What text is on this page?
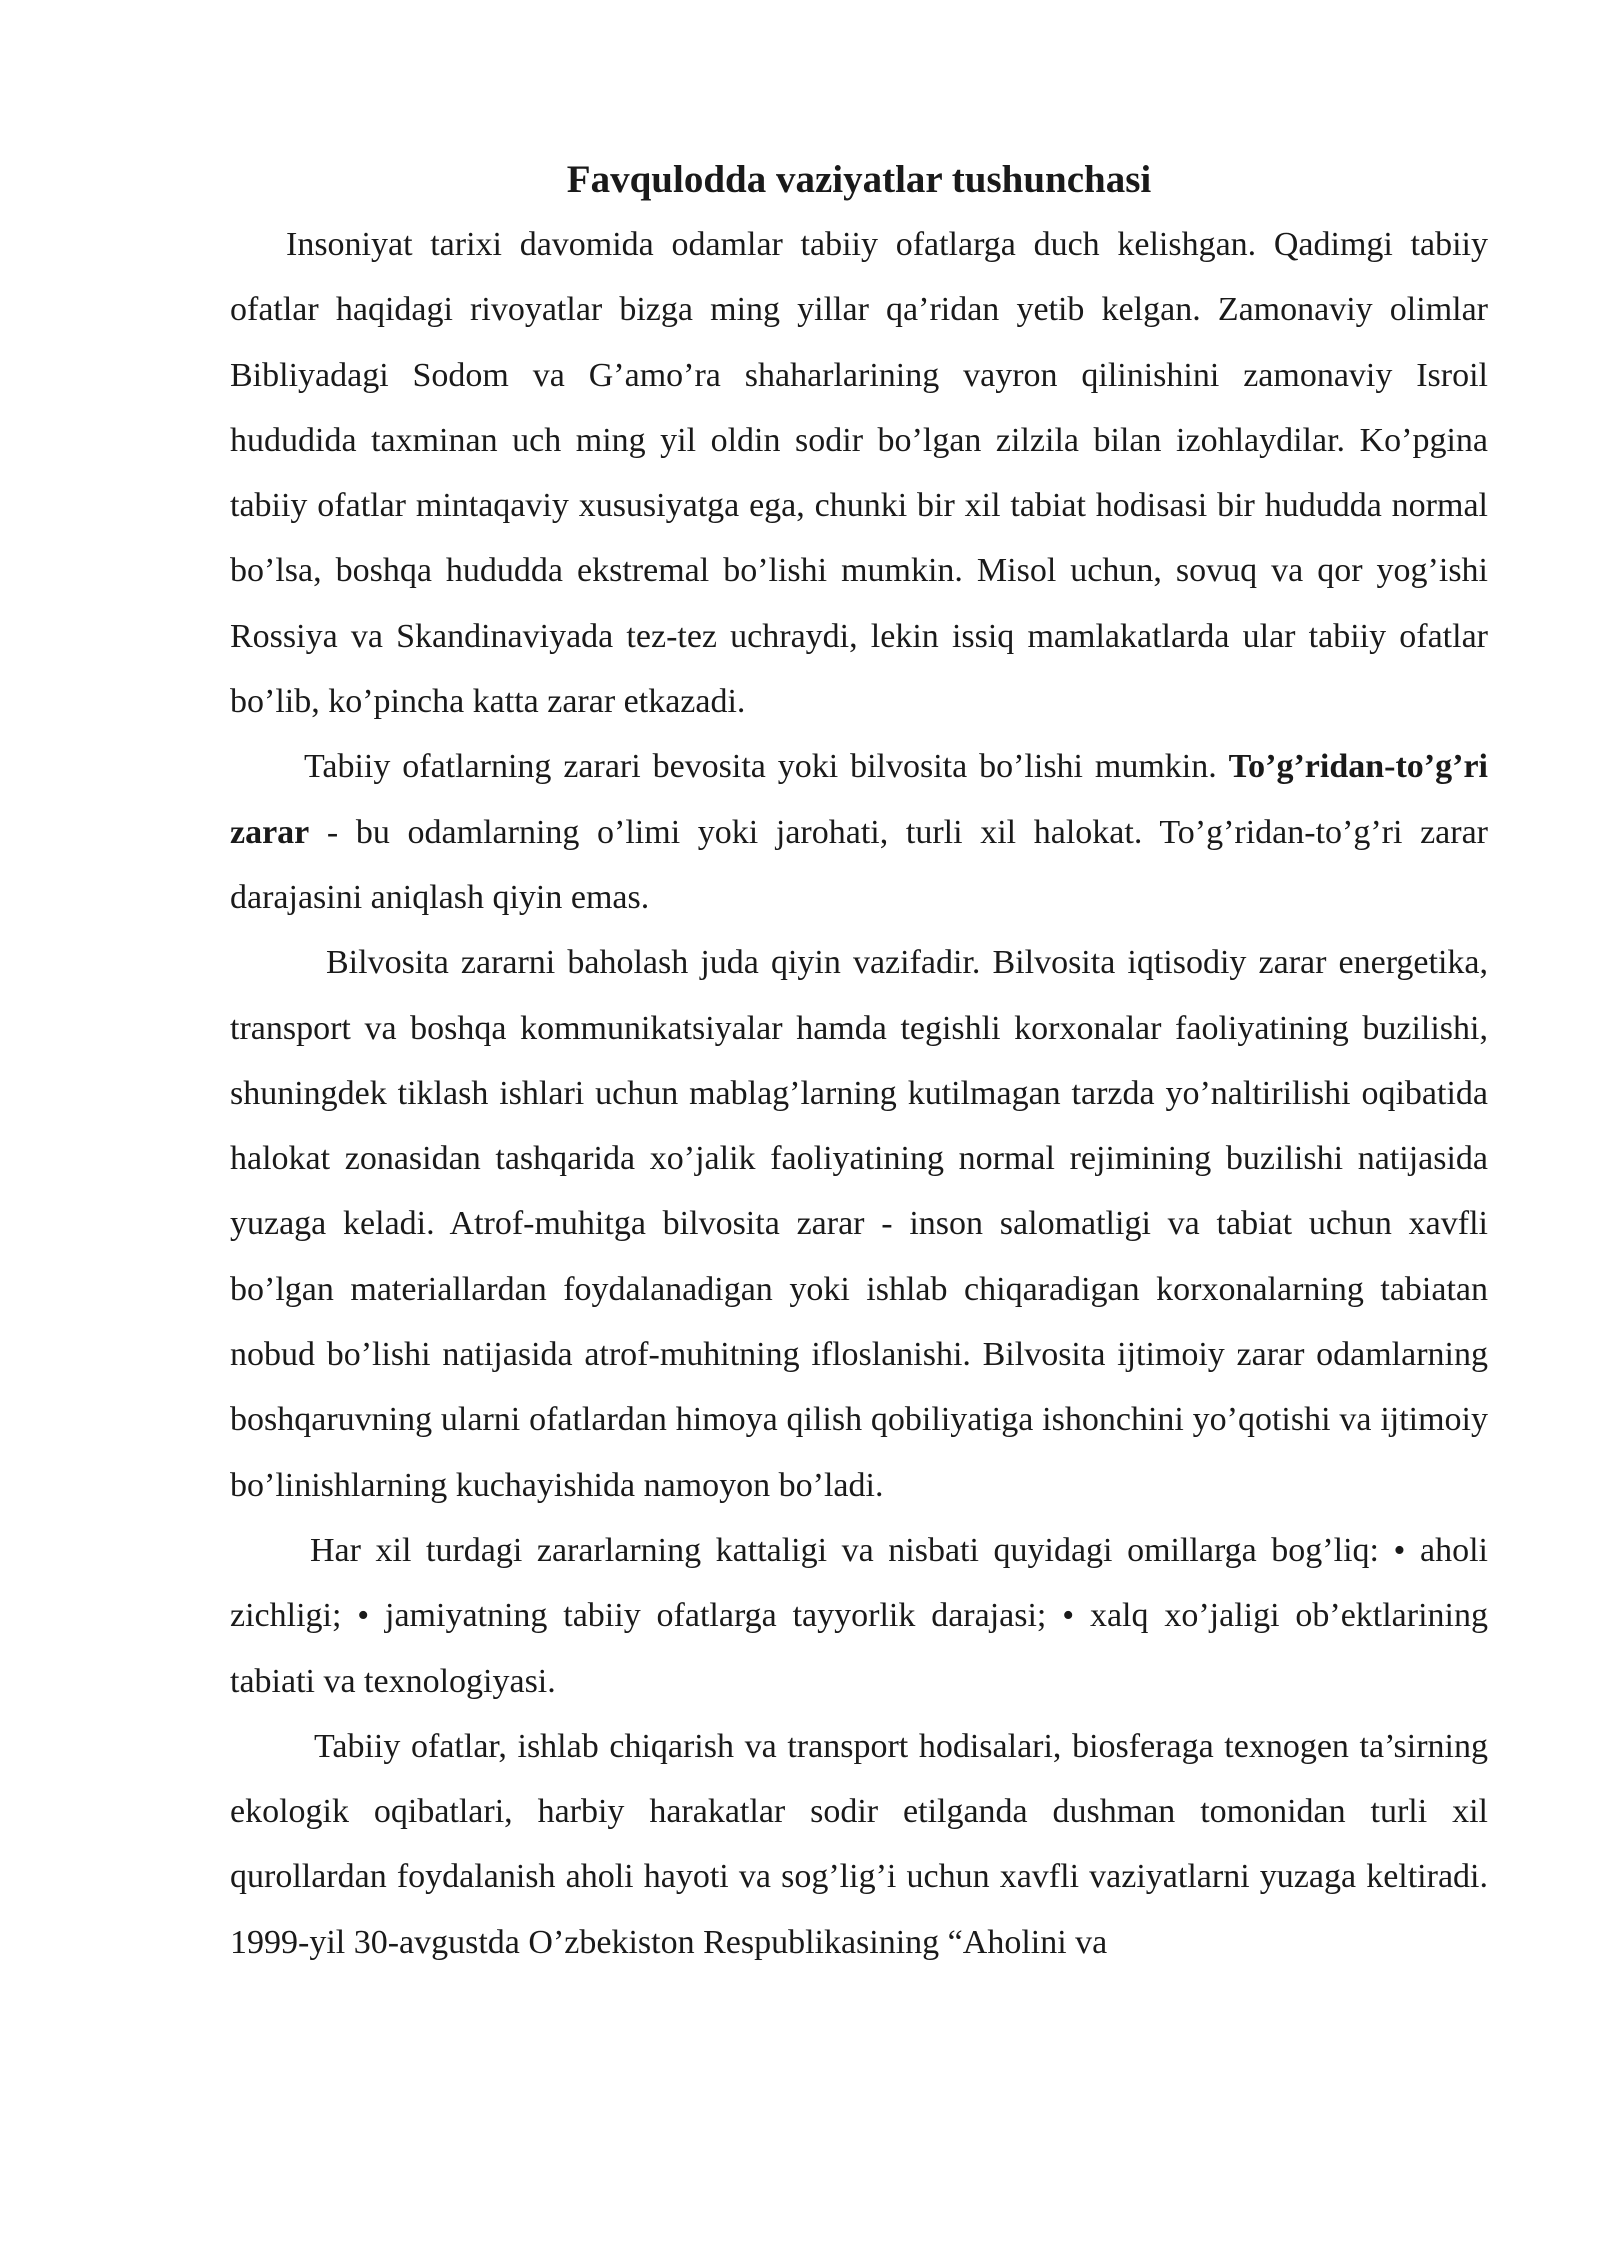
Favqulodda vaziyatlar tushunchasi

Insoniyat tarixi davomida odamlar tabiiy ofatlarga duch kelishgan. Qadimgi tabiiy ofatlar haqidagi rivoyatlar bizga ming yillar qa’ridan yetib kelgan. Zamonaviy olimlar Bibliyadagi Sodom va G’amo’ra shaharlarining vayron qilinishini zamonaviy Isroil hududida taxminan uch ming yil oldin sodir bo’lgan zilzila bilan izohlaydilar. Ko’pgina tabiiy ofatlar mintaqaviy xususiyatga ega, chunki bir xil tabiat hodisasi bir hududda normal bo’lsa, boshqa hududda ekstremal bo’lishi mumkin. Misol uchun, sovuq va qor yog’ishi Rossiya va Skandinaviyada tez-tez uchraydi, lekin issiq mamlakatlarda ular tabiiy ofatlar bo’lib, ko’pincha katta zarar etkazadi.

Tabiiy ofatlarning zarari bevosita yoki bilvosita bo’lishi mumkin. To’g’ridan-to’g’ri zarar - bu odamlarning o’limi yoki jarohati, turli xil halokat. To’g’ridan-to’g’ri zarar darajasini aniqlash qiyin emas.

Bilvosita zararni baholash juda qiyin vazifadir. Bilvosita iqtisodiy zarar energetika, transport va boshqa kommunikatsiyalar hamda tegishli korxonalar faoliyatining buzilishi, shuningdek tiklash ishlari uchun mablag’larning kutilmagan tarzda yo’naltirilishi oqibatida halokat zonasidan tashqarida xo’jalik faoliyatining normal rejimining buzilishi natijasida yuzaga keladi. Atrof-muhitga bilvosita zarar - inson salomatligi va tabiat uchun xavfli bo’lgan materiallardan foydalanadigan yoki ishlab chiqaradigan korxonalarning tabiatan nobud bo’lishi natijasida atrof-muhitning ifloslanishi. Bilvosita ijtimoiy zarar odamlarning boshqaruvning ularni ofatlardan himoya qilish qobiliyatiga ishonchini yo’qotishi va ijtimoiy bo’linishlarning kuchayishida namoyon bo’ladi.

Har xil turdagi zararlarning kattaligi va nisbati quyidagi omillarga bog’liq: • aholi zichligi; • jamiyatning tabiiy ofatlarga tayyorlik darajasi; • xalq xo’jaligi ob’ektlarining tabiati va texnologiyasi.

Tabiiy ofatlar, ishlab chiqarish va transport hodisalari, biosferaga texnogen ta’sirning ekologik oqibatlari, harbiy harakatlar sodir etilganda dushman tomonidan turli xil qurollardan foydalanish aholi hayoti va sog’lig’i uchun xavfli vaziyatlarni yuzaga keltiradi. 1999-yil 30-avgustda O’zbekiston Respublikasining “Aholini va
